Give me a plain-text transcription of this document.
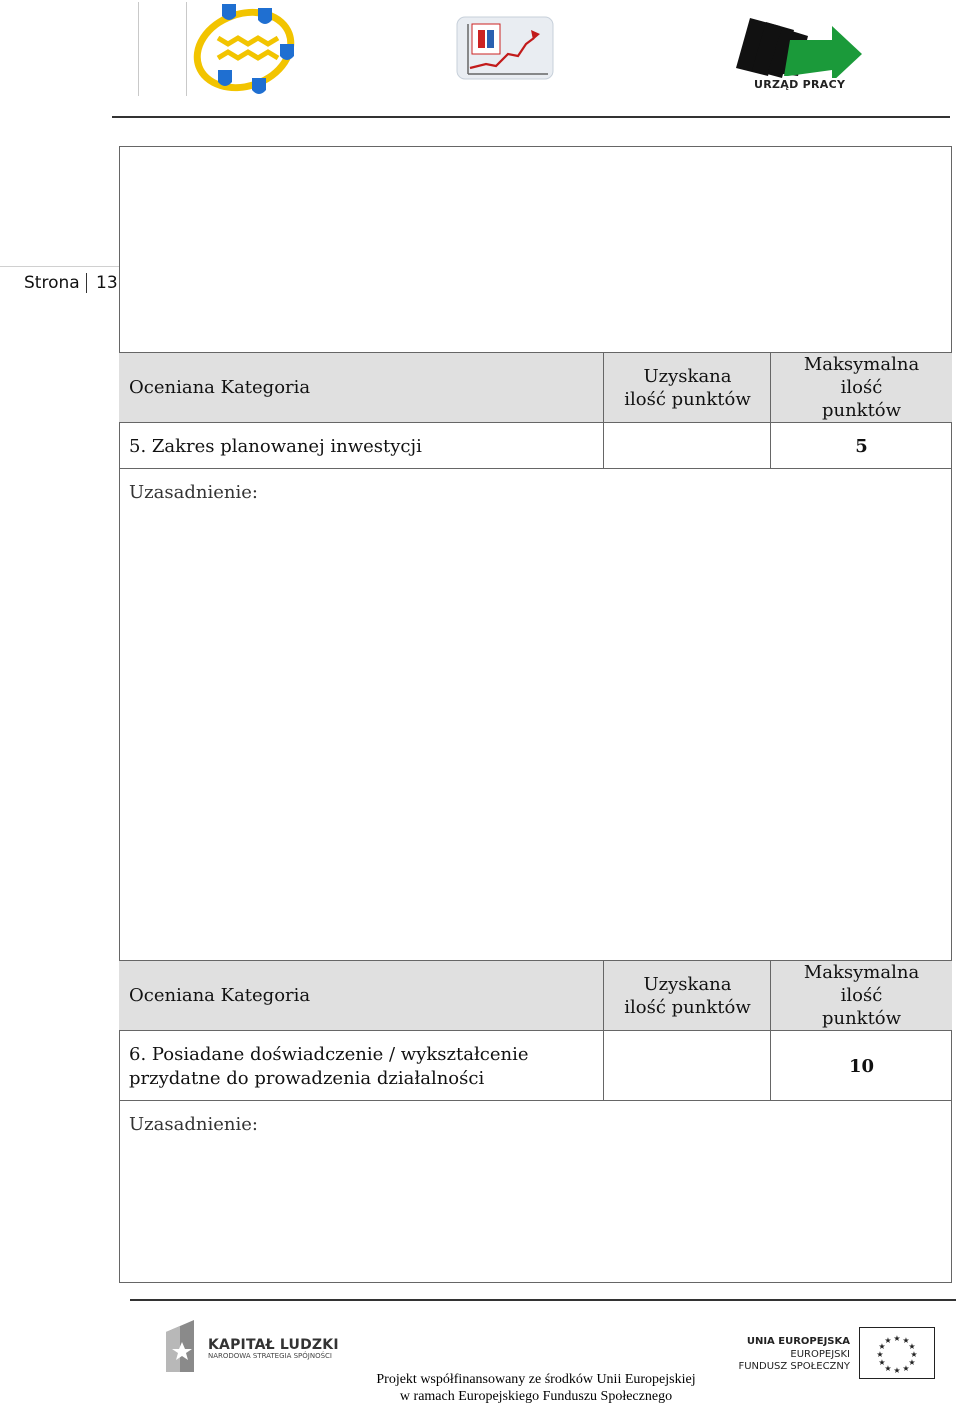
URZĄD PRACY
Strona 13
Oceniana Kategoria
Uzyskana
ilość punktów
Maksymalna
ilość
punktów
5. Zakres planowanej inwestycji	5
Uzasadnienie:
Oceniana Kategoria
Uzyskana
ilość punktów
Maksymalna
ilość
punktów
6. Posiadane doświadczenie / wykształcenie
przydatne do prowadzenia działalności
10
Uzasadnienie:
KAPITAŁ LUDZKI
NARODOWA STRATEGIA SPÓJNOŚCI
UNIA EUROPEJSKA
EUROPEJSKI
FUNDUSZ SPOŁECZNY
★ ★
★
★
★
★
★
★
★
★
★
★
Projekt współfinansowany ze środków Unii Europejskiej
w ramach Europejskiego Funduszu Społecznego
